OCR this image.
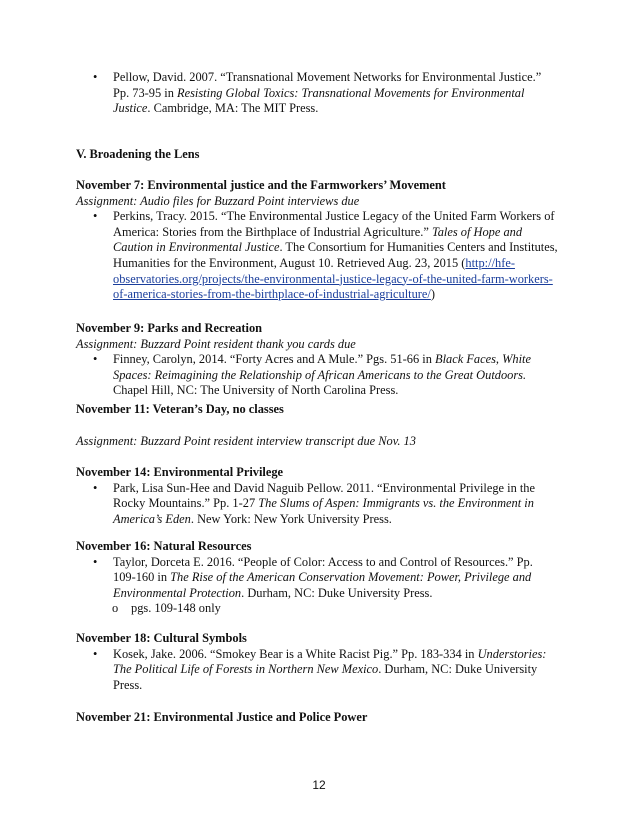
• Pellow, David. 2007. “Transnational Movement Networks for Environmental Justice.”
Pp. 73-95 in Resisting Global Toxics: Transnational Movements for Environmental
Justice. Cambridge, MA: The MIT Press.

V. Broadening the Lens

November 7: Environmental justice and the Farmworkers’ Movement

Assignment: Audio files for Buzzard Point interviews due

• Perkins, Tracy. 2015. “The Environmental Justice Legacy of the United Farm Workers of
America: Stories from the Birthplace of Industrial Agriculture.” Tales of Hope and
Caution in Environmental Justice. The Consortium for Humanities Centers and Institutes,
Humanities for the Environment, August 10. Retrieved Aug. 23, 2015 (http://hfe-
observatories.org/projects/the-environmental-justice-legacy-of-the-united-farm-workers-
of-america-stories-from-the-birthplace-of-industrial-agriculture/)

November 9: Parks and Recreation

Assignment: Buzzard Point resident thank you cards due

• Finney, Carolyn, 2014. “Forty Acres and A Mule.” Pgs. 51-66 in Black Faces, White
Spaces: Reimagining the Relationship of African Americans to the Great Outdoors.
Chapel Hill, NC: The University of North Carolina Press.

November 11: Veteran’s Day, no classes

Assignment: Buzzard Point resident interview transcript due Nov. 13

November 14: Environmental Privilege

• Park, Lisa Sun-Hee and David Naguib Pellow. 2011. “Environmental Privilege in the
Rocky Mountains.” Pp. 1-27 The Slums of Aspen: Immigrants vs. the Environment in
America’s Eden. New York: New York University Press.

November 16: Natural Resources

• Taylor, Dorceta E. 2016. “People of Color: Access to and Control of Resources.” Pp.
109-160 in The Rise of the American Conservation Movement: Power, Privilege and
Environmental Protection. Durham, NC: Duke University Press.
o pgs. 109-148 only

November 18: Cultural Symbols

• Kosek, Jake. 2006. “Smokey Bear is a White Racist Pig.” Pp. 183-334 in Understories:
The Political Life of Forests in Northern New Mexico. Durham, NC: Duke University
Press.

November 21: Environmental Justice and Police Power

12
